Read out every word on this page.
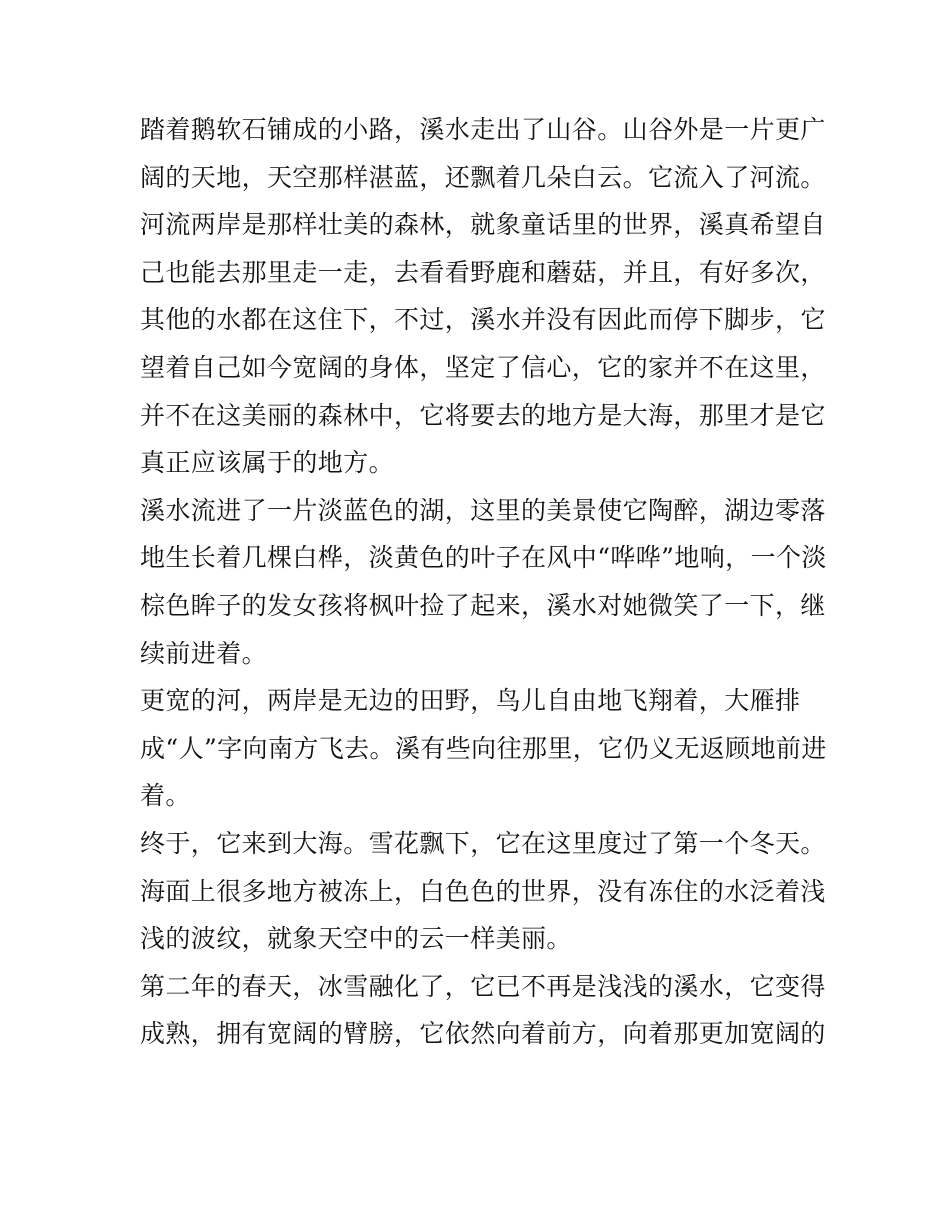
踏着鹅软石铺成的小路，溪水走出了山谷。山谷外是一片更广
阔的天地，天空那样湛蓝，还飘着几朵白云。它流入了河流。
河流两岸是那样壮美的森林，就象童话里的世界，溪真希望自
己也能去那里走一走，去看看野鹿和蘑菇，并且，有好多次，
其他的水都在这住下，不过，溪水并没有因此而停下脚步，它
望着自己如今宽阔的身体，坚定了信心，它的家并不在这里，
并不在这美丽的森林中，它将要去的地方是大海，那里才是它
真正应该属于的地方。
溪水流进了一片淡蓝色的湖，这里的美景使它陶醉，湖边零落
地生长着几棵白桦，淡黄色的叶子在风中“哗哗”地响，一个淡
棕色眸子的发女孩将枫叶捡了起来，溪水对她微笑了一下，继
续前进着。
更宽的河，两岸是无边的田野，鸟儿自由地飞翔着，大雁排
成“人”字向南方飞去。溪有些向往那里，它仍义无返顾地前进
着。
终于，它来到大海。雪花飘下，它在这里度过了第一个冬天。
海面上很多地方被冻上，白色色的世界，没有冻住的水泛着浅
浅的波纹，就象天空中的云一样美丽。
第二年的春天，冰雪融化了，它已不再是浅浅的溪水，它变得
成熟，拥有宽阔的臂膀，它依然向着前方，向着那更加宽阔的
